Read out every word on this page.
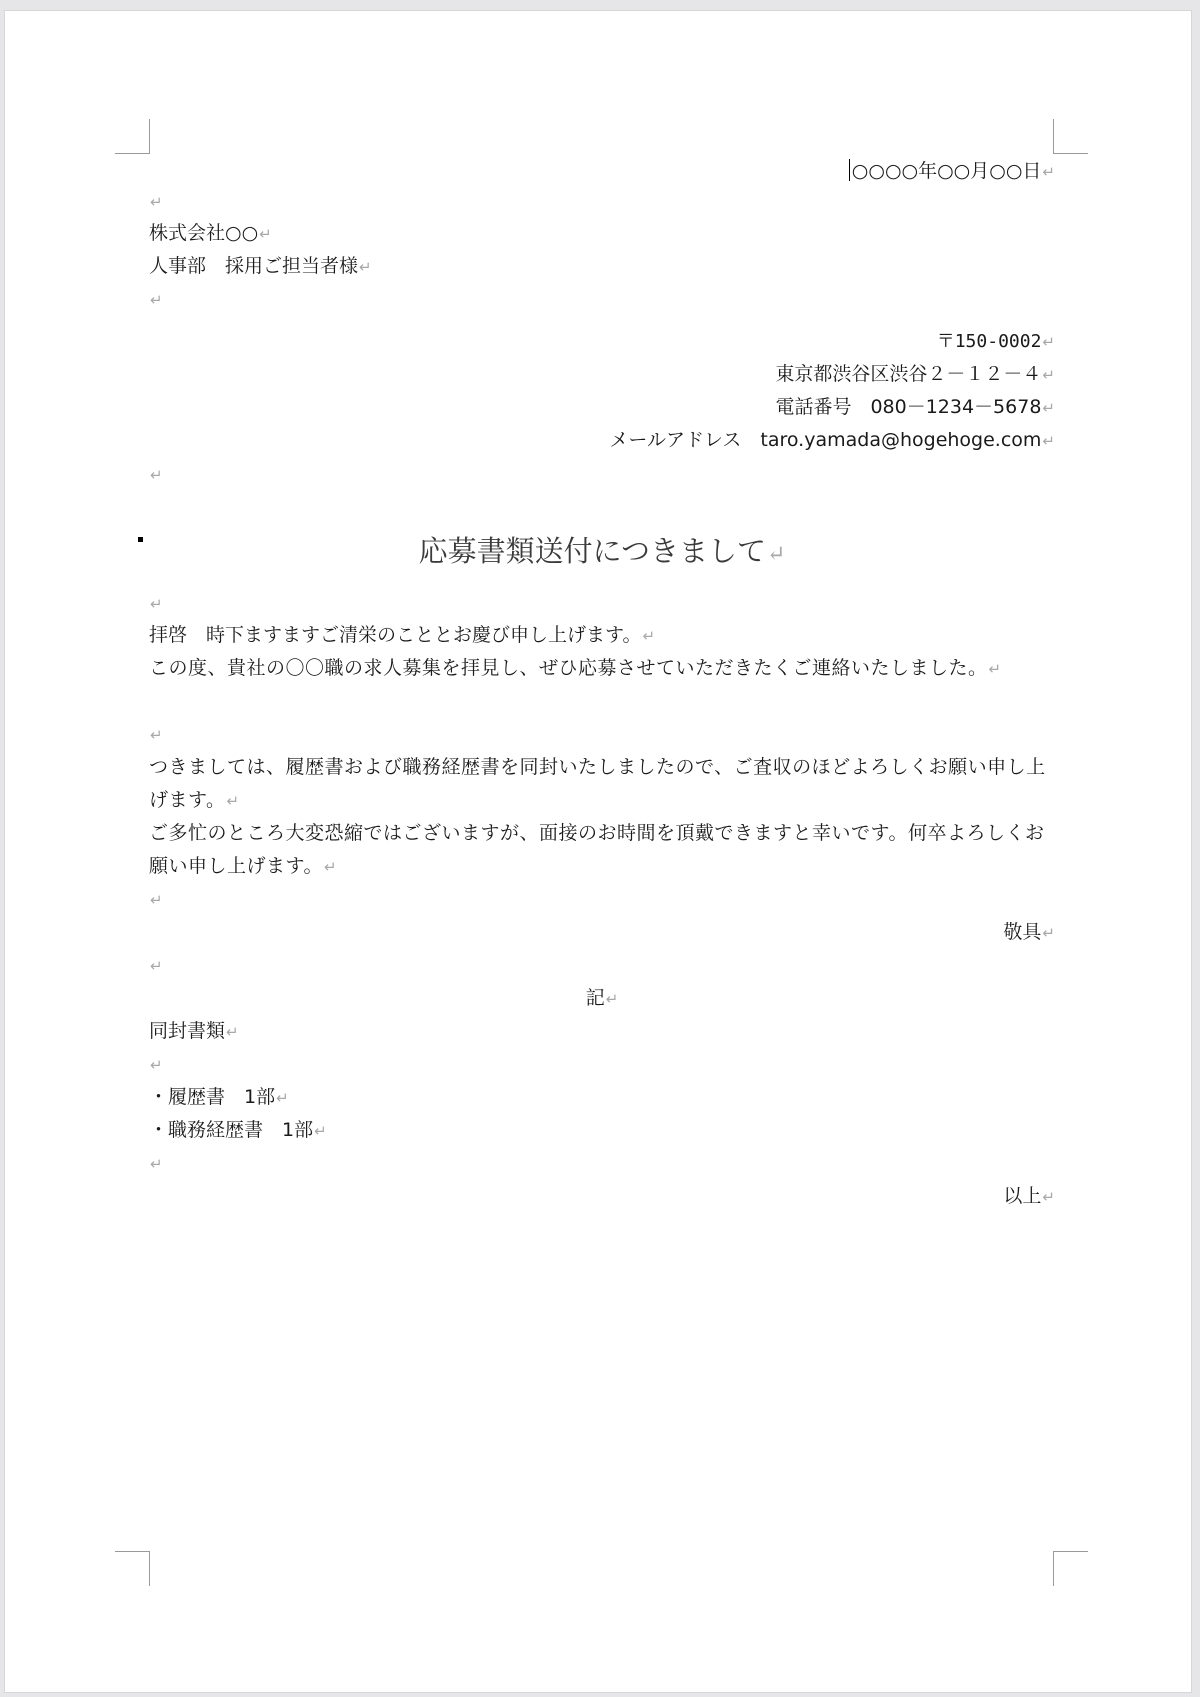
○○○○年○○月○○日↵
↵
株式会社○○↵
人事部　採用ご担当者様↵
↵
〒150-0002↵
東京都渋谷区渋谷２－１２－４↵
電話番号　080－1234－5678↵
メールアドレス　taro.yamada@hogehoge.com↵
↵
応募書類送付につきまして↵
↵
拝啓　時下ますますご清栄のこととお慶び申し上げます。↵
この度、貴社の〇〇職の求人募集を拝見し、ぜひ応募させていただきたくご連絡いたしました。↵
↵
つきましては、履歴書および職務経歴書を同封いたしましたので、ご査収のほどよろしくお願い申し上げます。↵
ご多忙のところ大変恐縮ではございますが、面接のお時間を頂戴できますと幸いです。何卒よろしくお願い申し上げます。↵
↵
敬具↵
↵
記↵
同封書類↵
↵
・履歴書　1部↵
・職務経歴書　1部↵
↵
以上↵
